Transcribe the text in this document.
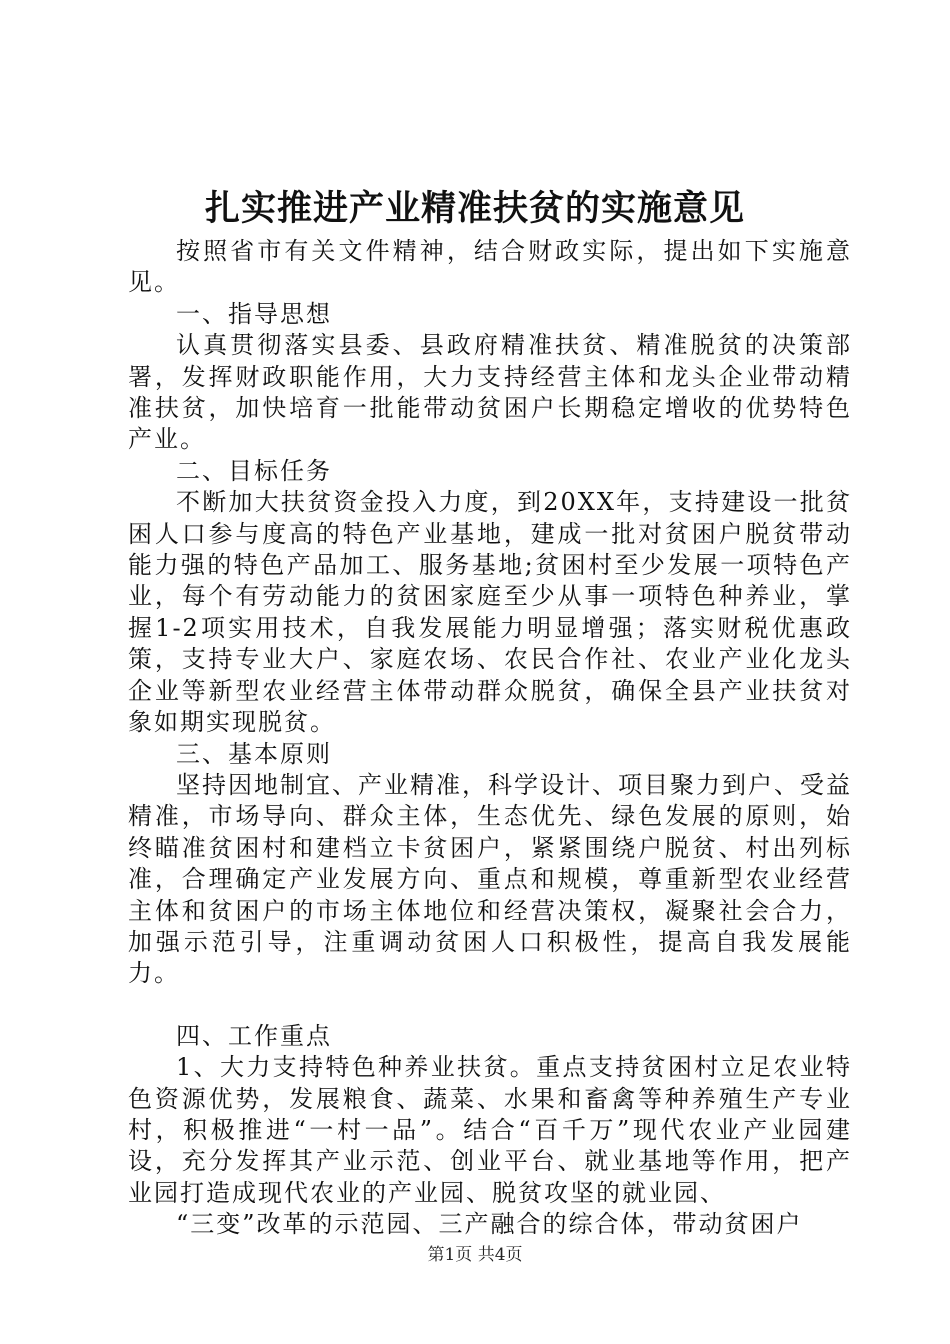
扎实推进产业精准扶贫的实施意见

按照省市有关文件精神，结合财政实际，提出如下实施意见。

一、指导思想

认真贯彻落实县委、县政府精准扶贫、精准脱贫的决策部署，发挥财政职能作用，大力支持经营主体和龙头企业带动精准扶贫，加快培育一批能带动贫困户长期稳定增收的优势特色产业。

二、目标任务

不断加大扶贫资金投入力度，到20XX年，支持建设一批贫困人口参与度高的特色产业基地，建成一批对贫困户脱贫带动能力强的特色产品加工、服务基地;贫困村至少发展一项特色产业，每个有劳动能力的贫困家庭至少从事一项特色种养业，掌握1-2项实用技术，自我发展能力明显增强；落实财税优惠政策，支持专业大户、家庭农场、农民合作社、农业产业化龙头企业等新型农业经营主体带动群众脱贫，确保全县产业扶贫对象如期实现脱贫。

三、基本原则

坚持因地制宜、产业精准，科学设计、项目聚力到户、受益精准，市场导向、群众主体，生态优先、绿色发展的原则，始终瞄准贫困村和建档立卡贫困户，紧紧围绕户脱贫、村出列标准，合理确定产业发展方向、重点和规模，尊重新型农业经营主体和贫困户的市场主体地位和经营决策权，凝聚社会合力，加强示范引导，注重调动贫困人口积极性，提高自我发展能力。

四、工作重点

1、大力支持特色种养业扶贫。重点支持贫困村立足农业特色资源优势，发展粮食、蔬菜、水果和畜禽等种养殖生产专业村，积极推进“一村一品”。结合“百千万”现代农业产业园建设，充分发挥其产业示范、创业平台、就业基地等作用，把产业园打造成现代农业的产业园、脱贫攻坚的就业园、

“三变”改革的示范园、三产融合的综合体，带动贫困户

第1页 共4页
